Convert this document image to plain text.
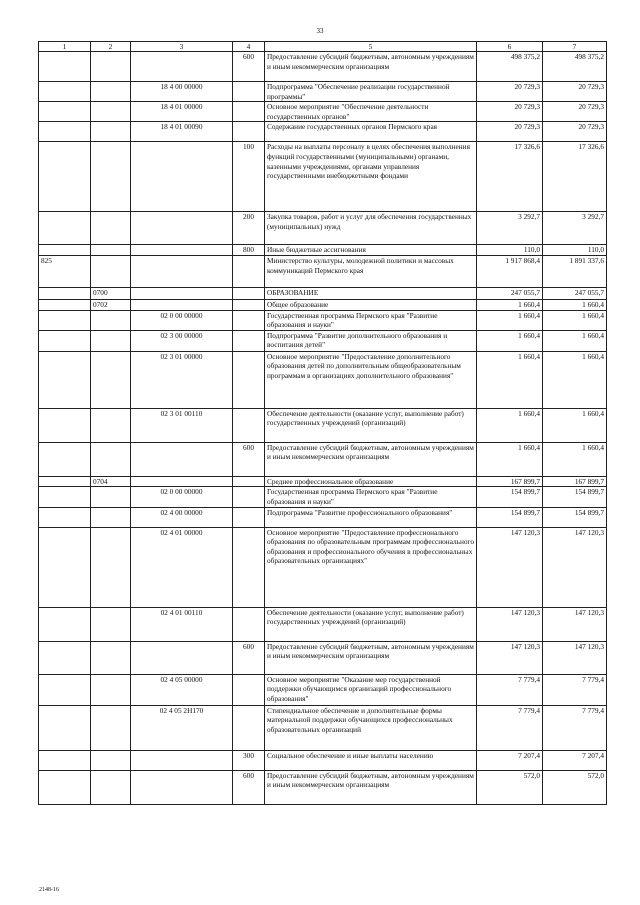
33
1	2	3	4	5	6	7
			600	Предоставление субсидий бюджетным, автономным учреждениям и иным некоммерческим организациям	498 375,2	498 375,2
		18 4 00 00000		Подпрограмма "Обеспечение реализации государственной программы"	20 729,3	20 729,3
		18 4 01 00000		Основное мероприятие "Обеспечение деятельности государственных органов"	20 729,3	20 729,3
		18 4 01 00090		Содержание государственных органов Пермского края	20 729,3	20 729,3
			100	Расходы на выплаты персоналу в целях обеспечения выполнения функций государственными (муниципальными) органами, казенными учреждениями, органами управления государственными внебюджетными фондами	17 326,6	17 326,6
			200	Закупка товаров, работ и услуг для обеспечения государственных (муниципальных) нужд	3 292,7	3 292,7
			800	Иные бюджетные ассигнования	110,0	110,0
825				Министерство культуры, молодежной политики и массовых коммуникаций Пермского края	1 917 868,4	1 891 337,6
	0700			ОБРАЗОВАНИЕ	247 055,7	247 055,7
	0702			Общее образование	1 660,4	1 660,4
		02 0 00 00000		Государственная программа Пермского края "Развитие образования и науки"	1 660,4	1 660,4
		02 3 00 00000		Подпрограмма "Развитие дополнительного образования и воспитания детей"	1 660,4	1 660,4
		02 3 01 00000		Основное мероприятие "Предоставление дополнительного образования детей по дополнительным общеобразовательным программам в организациях дополнительного образования"	1 660,4	1 660,4
		02 3 01 00110		Обеспечение деятельности (оказание услуг, выполнение работ) государственных учреждений (организаций)	1 660,4	1 660,4
			600	Предоставление субсидий бюджетным, автономным учреждениям и иным некоммерческим организациям	1 660,4	1 660,4
	0704			Среднее профессиональное образование	167 899,7	167 899,7
		02 0 00 00000		Государственная программа Пермского края "Развитие образования и науки"	154 899,7	154 899,7
		02 4 00 00000		Подпрограмма "Развитие профессионального образования"	154 899,7	154 899,7
		02 4 01 00000		Основное мероприятие "Предоставление профессионального образования по образовательным программам профессионального образования и профессионального обучения в профессиональных образовательных организациях"	147 120,3	147 120,3
		02 4 01 00110		Обеспечение деятельности (оказание услуг, выполнение работ) государственных учреждений (организаций)	147 120,3	147 120,3
			600	Предоставление субсидий бюджетным, автономным учреждениям и иным некоммерческим организациям	147 120,3	147 120,3
		02 4 05 00000		Основное мероприятие "Оказание мер государственной поддержки обучающимся организаций профессионального образования"	7 779,4	7 779,4
		02 4 05 2Н170		Стипендиальное обеспечение и дополнительные формы материальной поддержки обучающихся профессиональных образовательных организаций	7 779,4	7 779,4
			300	Социальное обеспечение и иные выплаты населению	7 207,4	7 207,4
			600	Предоставление субсидий бюджетным, автономным учреждениям и иным некоммерческим организациям	572,0	572,0
2148-16
